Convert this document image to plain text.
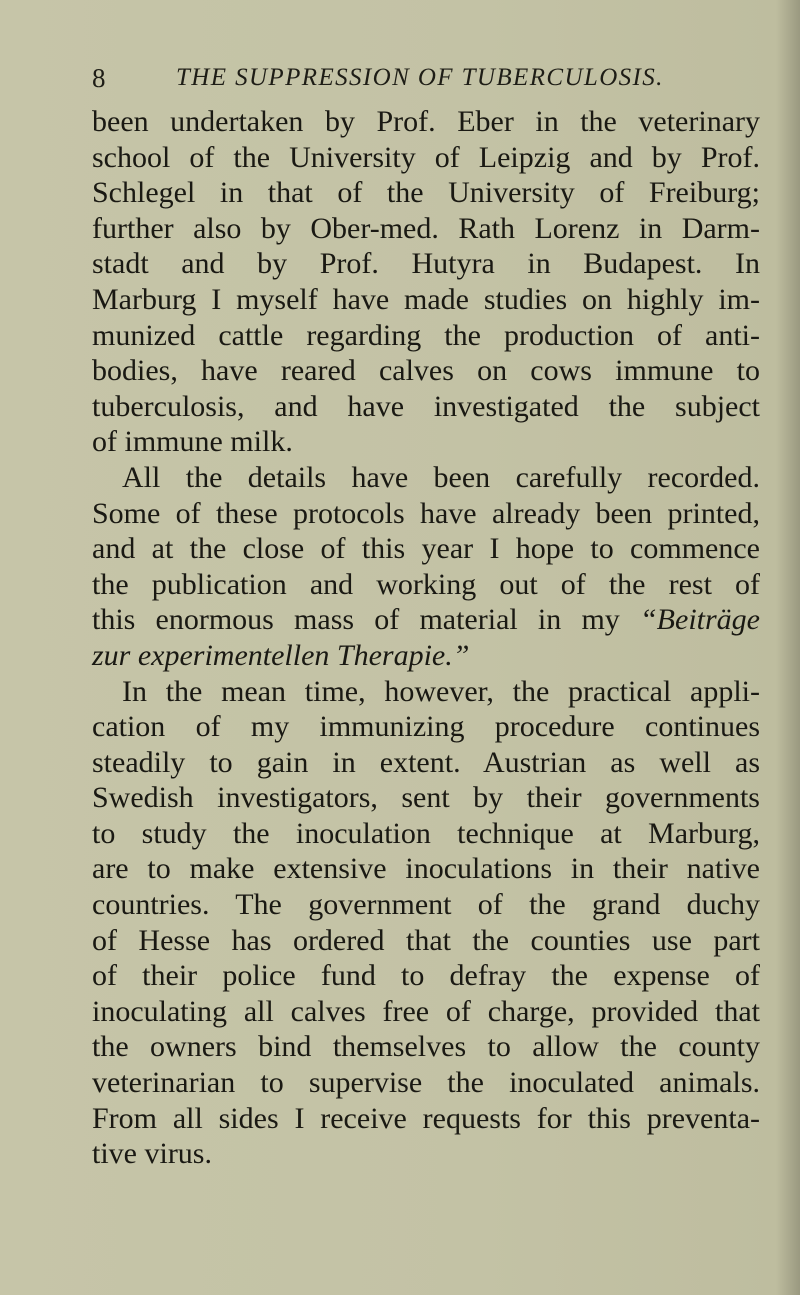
8	THE SUPPRESSION OF TUBERCULOSIS.
been undertaken by Prof. Eber in the veterinary
school of the University of Leipzig and by Prof.
Schlegel in that of the University of Freiburg;
further also by Ober-med. Rath Lorenz in Darm-
stadt and by Prof. Hutyra in Budapest. In
Marburg I myself have made studies on highly im-
munized cattle regarding the production of anti-
bodies, have reared calves on cows immune to
tuberculosis, and have investigated the subject
of immune milk.
All the details have been carefully recorded.
Some of these protocols have already been printed,
and at the close of this year I hope to commence
the publication and working out of the rest of
this enormous mass of material in my “Beiträge
zur experimentellen Therapie.”
In the mean time, however, the practical appli-
cation of my immunizing procedure continues
steadily to gain in extent. Austrian as well as
Swedish investigators, sent by their governments
to study the inoculation technique at Marburg,
are to make extensive inoculations in their native
countries. The government of the grand duchy
of Hesse has ordered that the counties use part
of their police fund to defray the expense of
inoculating all calves free of charge, provided that
the owners bind themselves to allow the county
veterinarian to supervise the inoculated animals.
From all sides I receive requests for this preventa-
tive virus.
